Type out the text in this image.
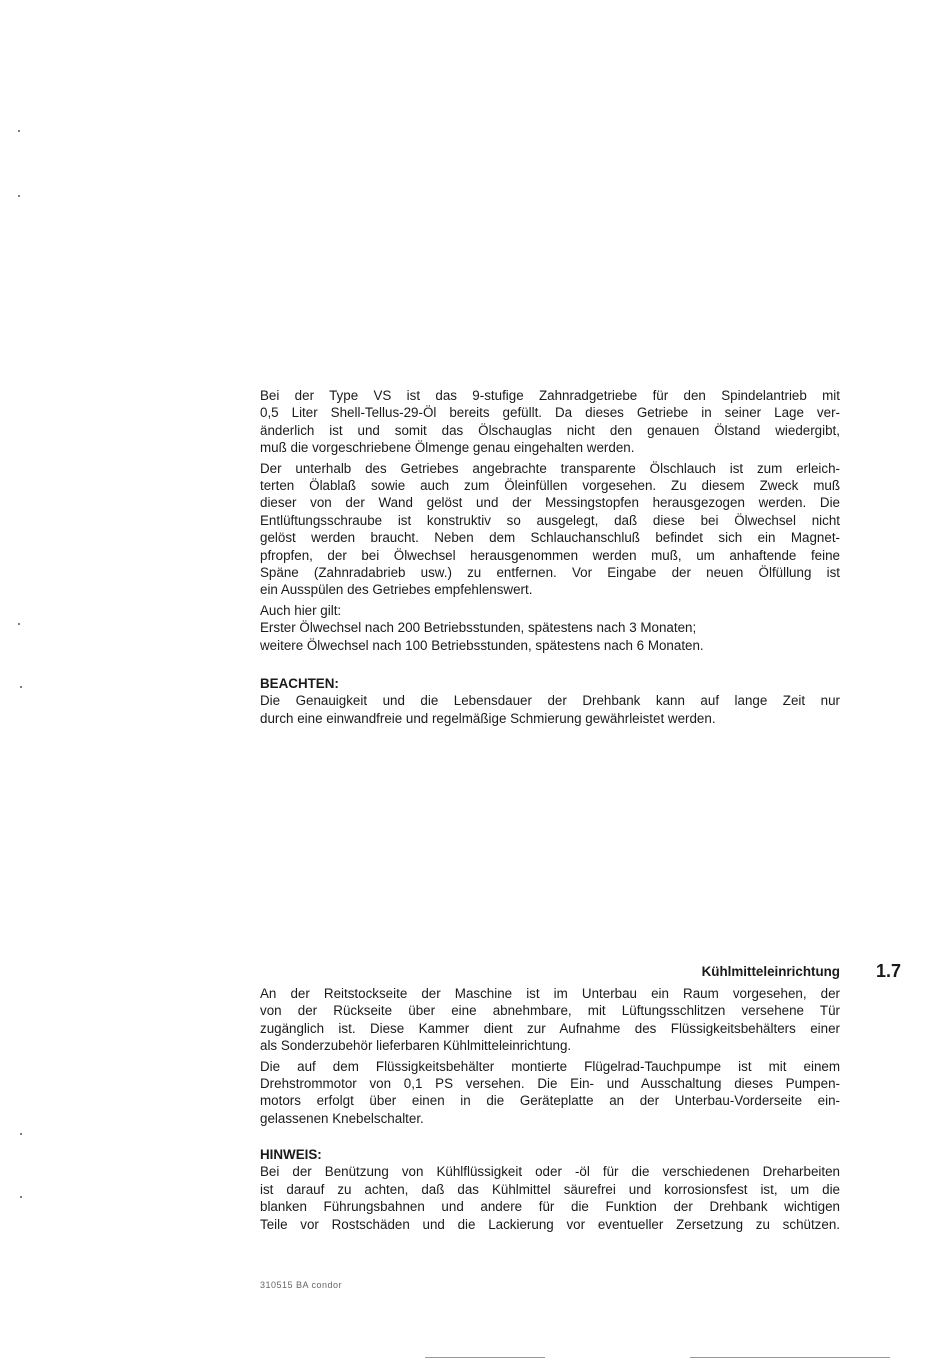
Bei der Type VS ist das 9-stufige Zahnradgetriebe für den Spindelantrieb mit
0,5 Liter Shell-Tellus-29-Öl bereits gefüllt. Da dieses Getriebe in seiner Lage ver-
änderlich ist und somit das Ölschauglas nicht den genauen Ölstand wiedergibt,
muß die vorgeschriebene Ölmenge genau eingehalten werden.
Der unterhalb des Getriebes angebrachte transparente Ölschlauch ist zum erleich-
terten Ölablaß sowie auch zum Öleinfüllen vorgesehen. Zu diesem Zweck muß
dieser von der Wand gelöst und der Messingstopfen herausgezogen werden. Die
Entlüftungsschraube ist konstruktiv so ausgelegt, daß diese bei Ölwechsel nicht
gelöst werden braucht. Neben dem Schlauchanschluß befindet sich ein Magnet-
pfropfen, der bei Ölwechsel herausgenommen werden muß, um anhaftende feine
Späne (Zahnradabrieb usw.) zu entfernen. Vor Eingabe der neuen Ölfüllung ist
ein Ausspülen des Getriebes empfehlenswert.
Auch hier gilt:
Erster Ölwechsel nach 200 Betriebsstunden, spätestens nach 3 Monaten;
weitere Ölwechsel nach 100 Betriebsstunden, spätestens nach 6 Monaten.
BEACHTEN:
Die Genauigkeit und die Lebensdauer der Drehbank kann auf lange Zeit nur
durch eine einwandfreie und regelmäßige Schmierung gewährleistet werden.
Kühlmitteleinrichtung 1.7
An der Reitstockseite der Maschine ist im Unterbau ein Raum vorgesehen, der
von der Rückseite über eine abnehmbare, mit Lüftungsschlitzen versehene Tür
zugänglich ist. Diese Kammer dient zur Aufnahme des Flüssigkeitsbehälters einer
als Sonderzubehör lieferbaren Kühlmitteleinrichtung.
Die auf dem Flüssigkeitsbehälter montierte Flügelrad-Tauchpumpe ist mit einem
Drehstrommotor von 0,1 PS versehen. Die Ein- und Ausschaltung dieses Pumpen-
motors erfolgt über einen in die Geräteplatte an der Unterbau-Vorderseite ein-
gelassenen Knebelschalter.
HINWEIS:
Bei der Benützung von Kühlflüssigkeit oder -öl für die verschiedenen Dreharbeiten
ist darauf zu achten, daß das Kühlmittel säurefrei und korrosionsfest ist, um die
blanken Führungsbahnen und andere für die Funktion der Drehbank wichtigen
Teile vor Rostschäden und die Lackierung vor eventueller Zersetzung zu schützen.
310515 BA condor
